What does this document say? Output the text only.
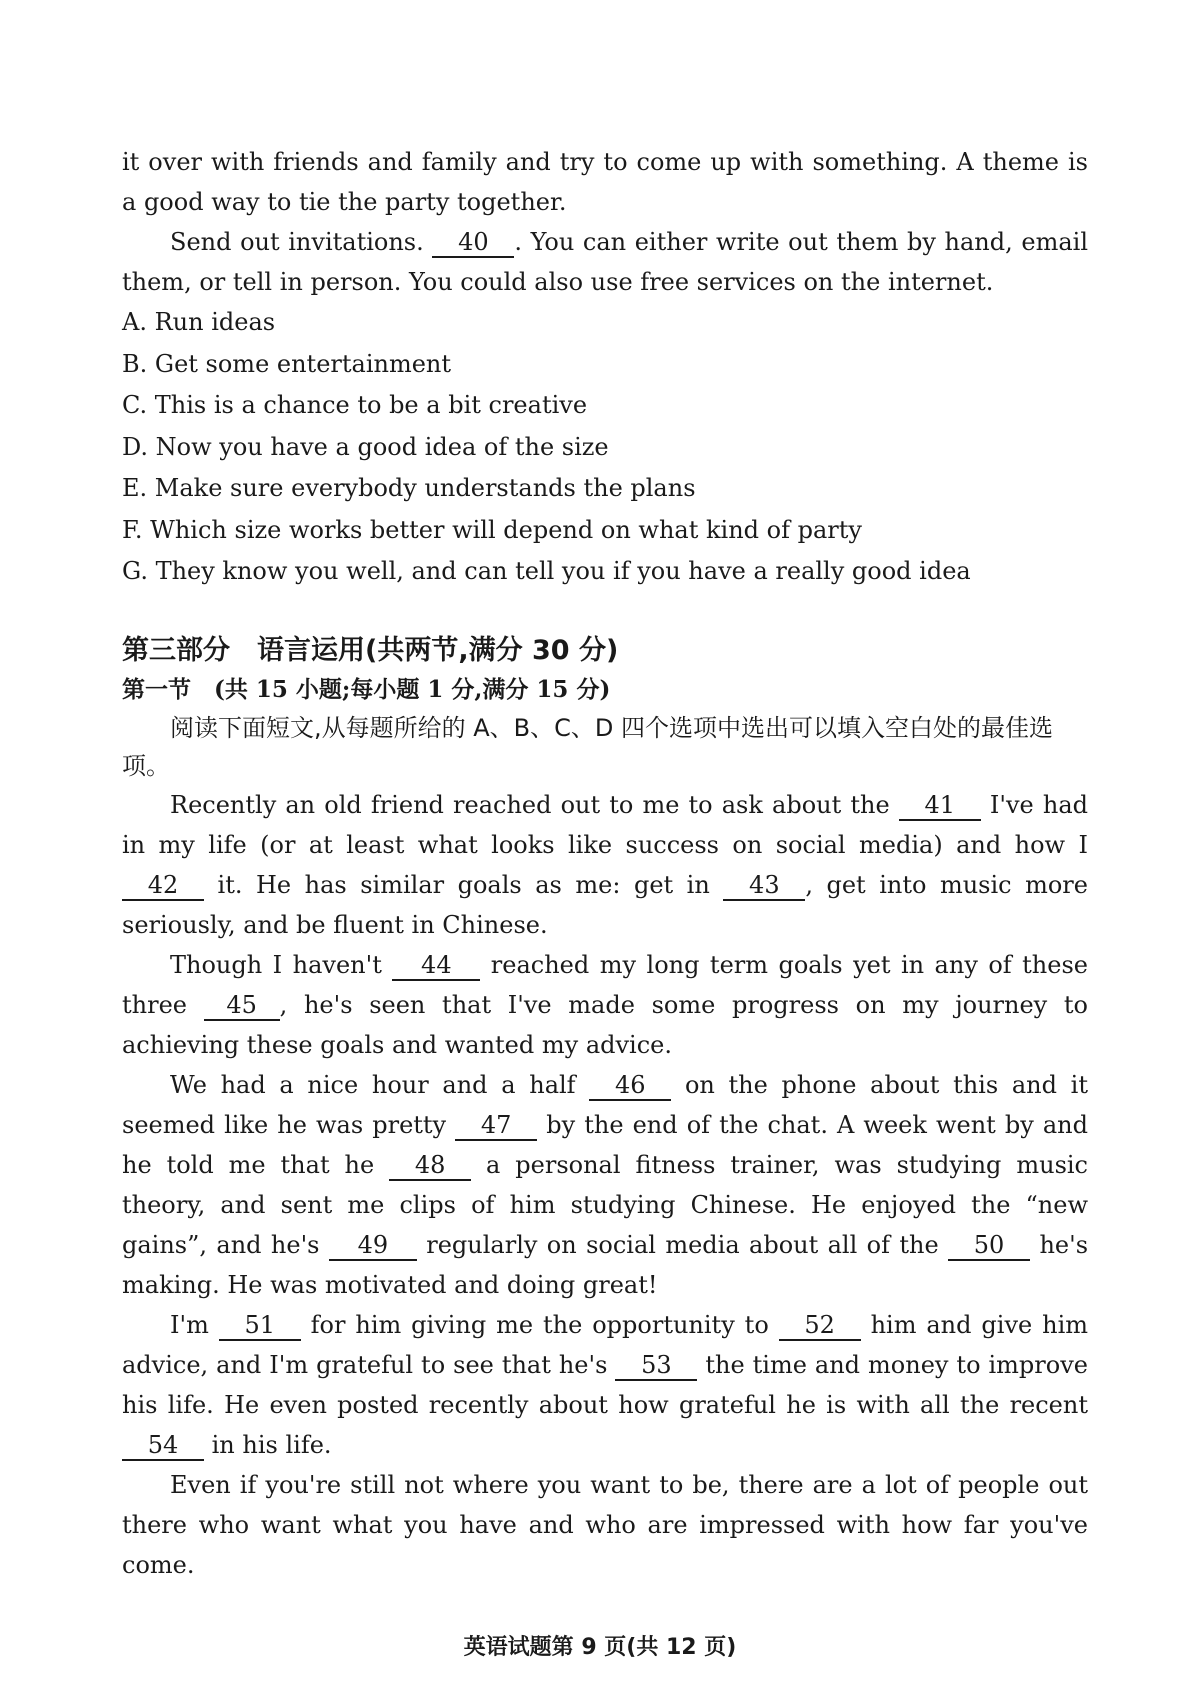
it over with friends and family and try to come up with something. A theme is a good way to tie the party together.

Send out invitations. 40 . You can either write out them by hand, email them, or tell in person. You could also use free services on the internet.

A. Run ideas
B. Get some entertainment
C. This is a chance to be a bit creative
D. Now you have a good idea of the size
E. Make sure everybody understands the plans
F. Which size works better will depend on what kind of party
G. They know you well, and can tell you if you have a really good idea
第三部分　语言运用(共两节,满分 30 分)
第一节　(共 15 小题;每小题 1 分,满分 15 分)
阅读下面短文,从每题所给的 A、B、C、D 四个选项中选出可以填入空白处的最佳选项。

Recently an old friend reached out to me to ask about the 41 I've had in my life (or at least what looks like success on social media) and how I 42 it. He has similar goals as me: get in 43 , get into music more seriously, and be fluent in Chinese.

Though I haven't 44 reached my long term goals yet in any of these three 45 , he's seen that I've made some progress on my journey to achieving these goals and wanted my advice.

We had a nice hour and a half 46 on the phone about this and it seemed like he was pretty 47 by the end of the chat. A week went by and he told me that he 48 a personal fitness trainer, was studying music theory, and sent me clips of him studying Chinese. He enjoyed the “new gains”, and he's 49 regularly on social media about all of the 50 he's making. He was motivated and doing great!

I'm 51 for him giving me the opportunity to 52 him and give him advice, and I'm grateful to see that he's 53 the time and money to improve his life. He even posted recently about how grateful he is with all the recent 54 in his life.

Even if you're still not where you want to be, there are a lot of people out there who want what you have and who are impressed with how far you've come.

英语试题第 9 页(共 12 页)
